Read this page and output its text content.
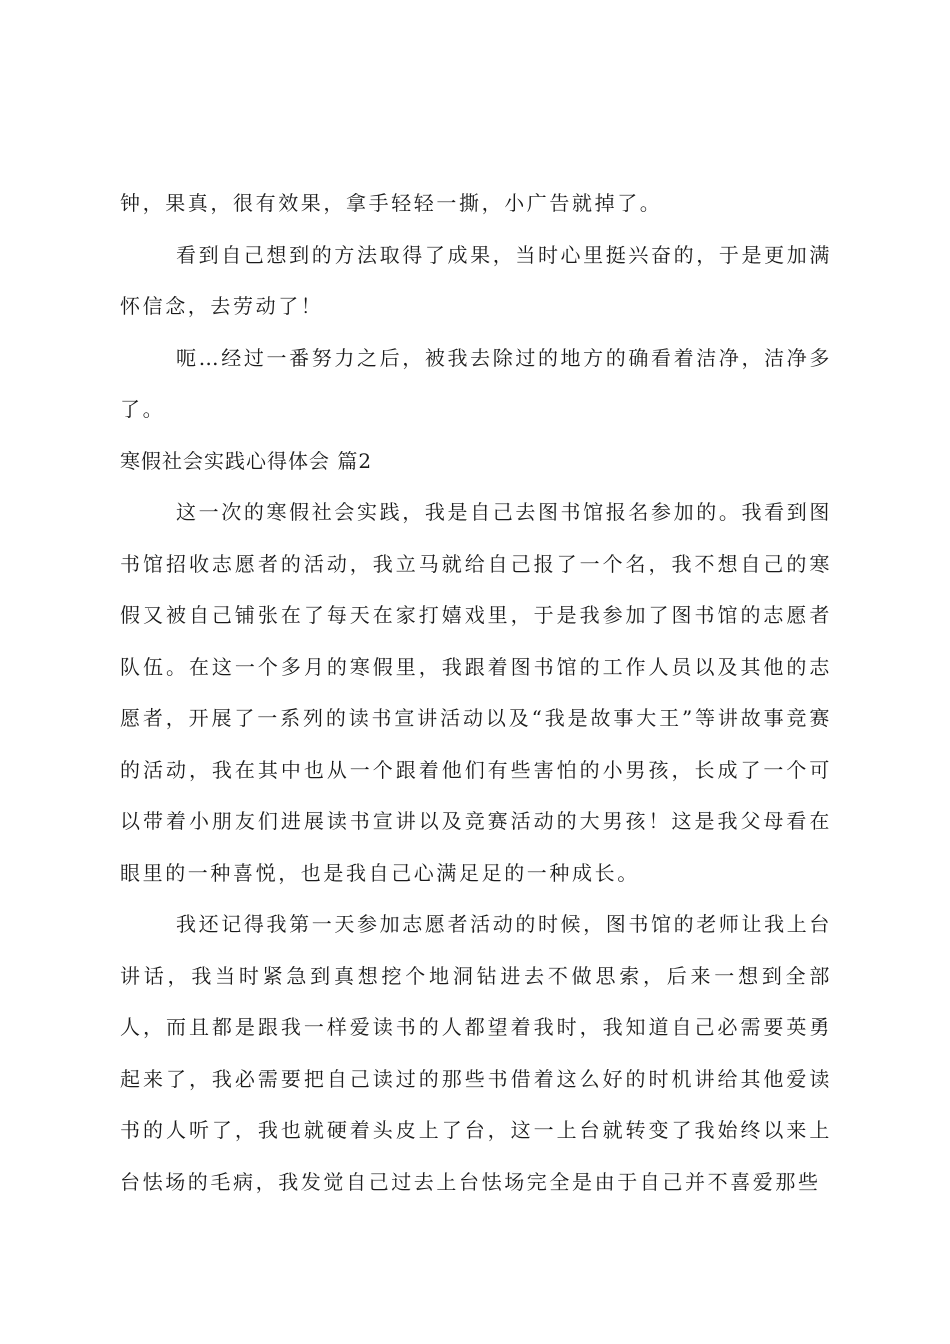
钟，果真，很有效果，拿手轻轻一撕，小广告就掉了。

看到自己想到的方法取得了成果，当时心里挺兴奋的，于是更加满怀信念，去劳动了！

呃…经过一番努力之后，被我去除过的地方的确看着洁净，洁净多了。

寒假社会实践心得体会 篇2

这一次的寒假社会实践，我是自己去图书馆报名参加的。我看到图书馆招收志愿者的活动，我立马就给自己报了一个名，我不想自己的寒假又被自己铺张在了每天在家打嬉戏里，于是我参加了图书馆的志愿者队伍。在这一个多月的寒假里，我跟着图书馆的工作人员以及其他的志愿者，开展了一系列的读书宣讲活动以及“我是故事大王”等讲故事竞赛的活动，我在其中也从一个跟着他们有些害怕的小男孩，长成了一个可以带着小朋友们进展读书宣讲以及竞赛活动的大男孩！这是我父母看在眼里的一种喜悦，也是我自己心满足足的一种成长。

我还记得我第一天参加志愿者活动的时候，图书馆的老师让我上台讲话，我当时紧急到真想挖个地洞钻进去不做思索，后来一想到全部人，而且都是跟我一样爱读书的人都望着我时，我知道自己必需要英勇起来了，我必需要把自己读过的那些书借着这么好的时机讲给其他爱读书的人听了，我也就硬着头皮上了台，这一上台就转变了我始终以来上台怯场的毛病，我发觉自己过去上台怯场完全是由于自己并不喜爱那些
